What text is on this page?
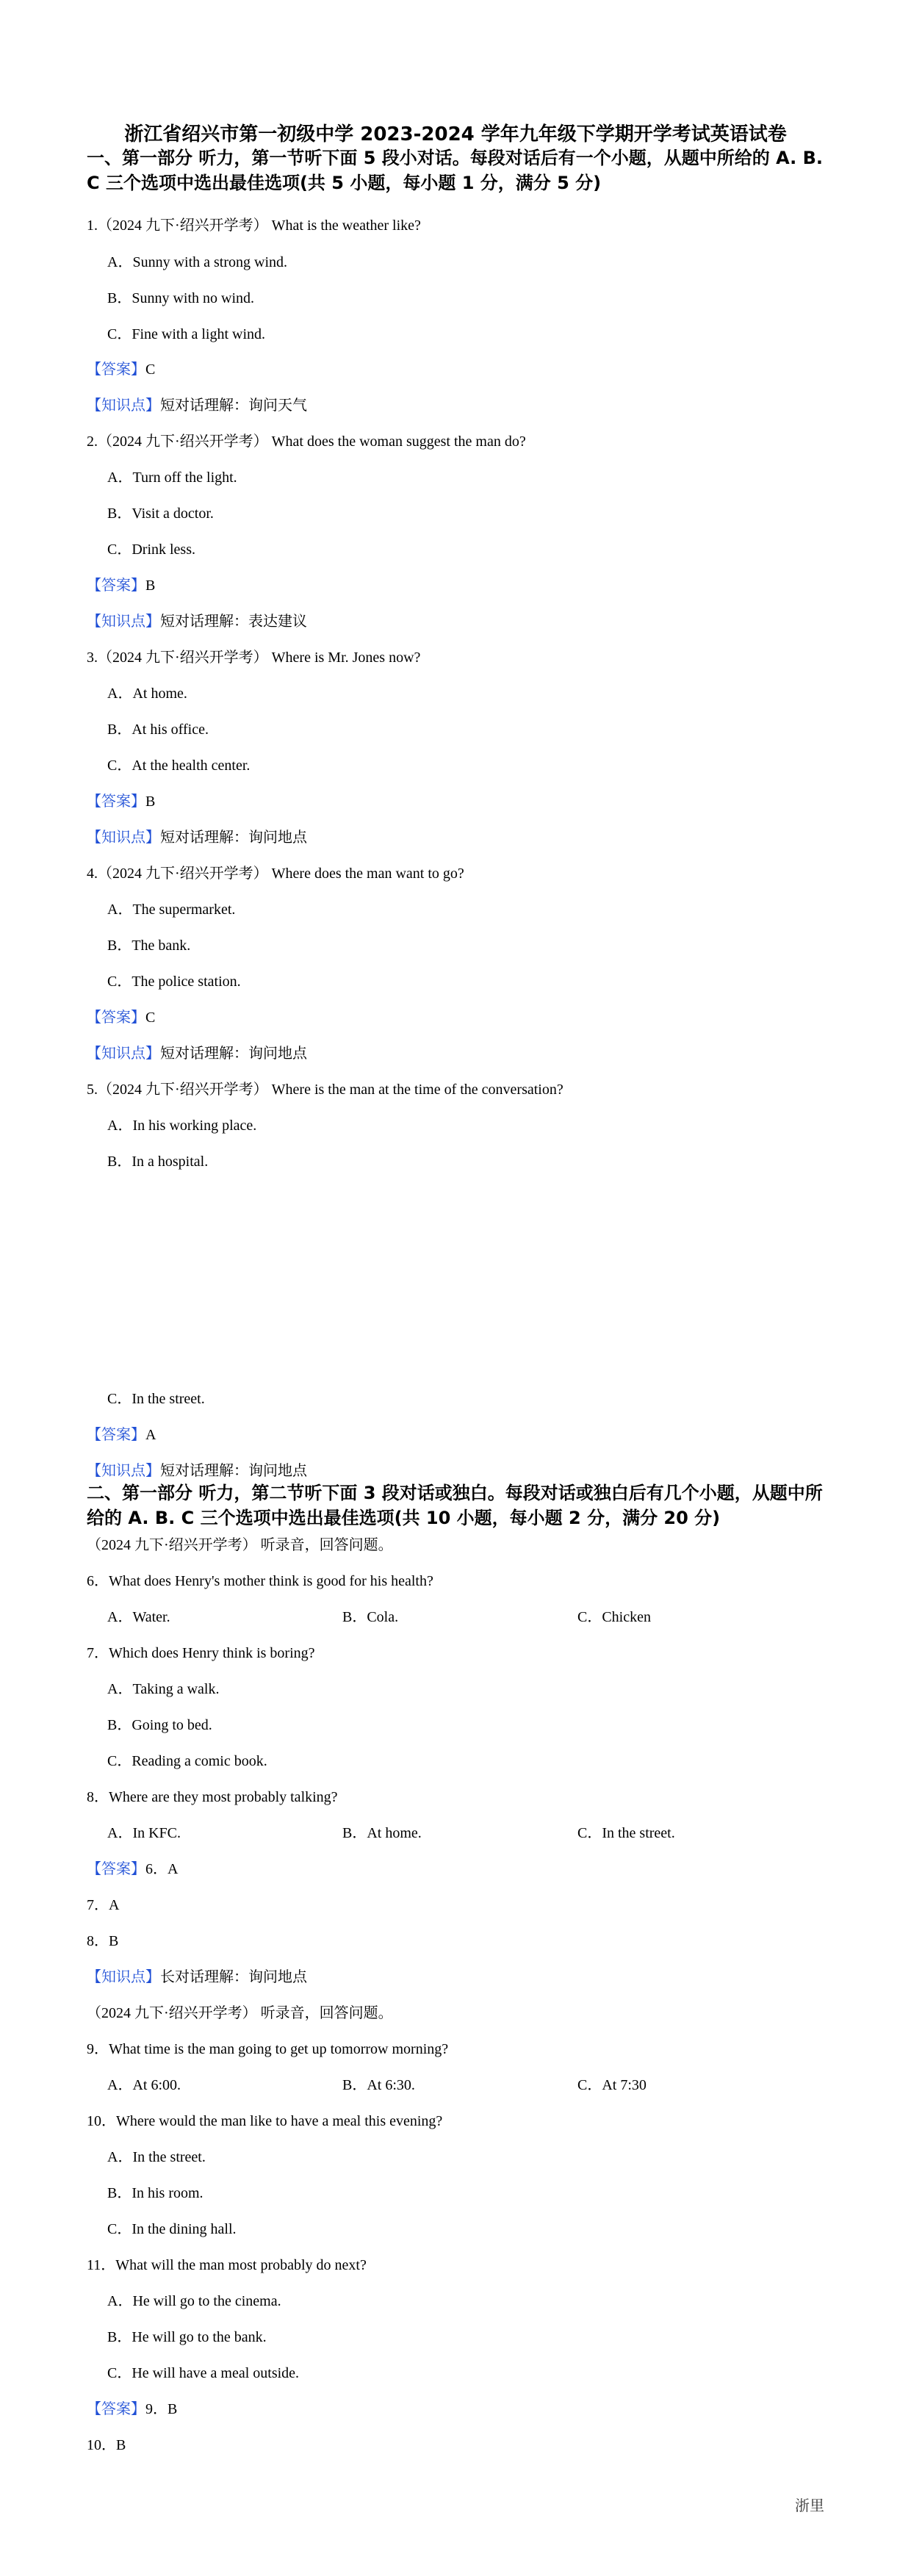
浙江省绍兴市第一初级中学 2023-2024 学年九年级下学期开学考试英语试卷
一、第一部分 听力，第一节听下面 5 段小对话。每段对话后有一个小题，从题中所给的 A. B. C 三个选项中选出最佳选项(共 5 小题，每小题 1 分，满分 5 分)
1.（2024 九下·绍兴开学考） What is the weather like?
A．Sunny with a strong wind.
B．Sunny with no wind.
C．Fine with a light wind.
【答案】C
【知识点】短对话理解：询问天气
2.（2024 九下·绍兴开学考） What does the woman suggest the man do?
A．Turn off the light.
B．Visit a doctor.
C．Drink less.
【答案】B
【知识点】短对话理解：表达建议
3.（2024 九下·绍兴开学考） Where is Mr. Jones now?
A．At home.
B．At his office.
C．At the health center.
【答案】B
【知识点】短对话理解：询问地点
4.（2024 九下·绍兴开学考） Where does the man want to go?
A．The supermarket.
B．The bank.
C．The police station.
【答案】C
【知识点】短对话理解：询问地点
5.（2024 九下·绍兴开学考） Where is the man at the time of the conversation?
A．In his working place.
B．In a hospital.
C．In the street.
【答案】A
【知识点】短对话理解：询问地点
二、第一部分 听力，第二节听下面 3 段对话或独白。每段对话或独白后有几个小题，从题中所给的 A. B. C 三个选项中选出最佳选项(共 10 小题，每小题 2 分，满分 20 分)
（2024 九下·绍兴开学考） 听录音，回答问题。
6．What does Henry's mother think is good for his health?
A．Water.	B．Cola.	C．Chicken
7．Which does Henry think is boring?
A．Taking a walk.
B．Going to bed.
C．Reading a comic book.
8．Where are they most probably talking?
A．In KFC.	B．At home.	C．In the street.
【答案】6．A
7．A
8．B
【知识点】长对话理解：询问地点
（2024 九下·绍兴开学考） 听录音，回答问题。
9．What time is the man going to get up tomorrow morning?
A．At 6:00.	B．At 6:30.	C．At 7:30
10．Where would the man like to have a meal this evening?
A．In the street.
B．In his room.
C．In the dining hall.
11．What will the man most probably do next?
A．He will go to the cinema.
B．He will go to the bank.
C．He will have a meal outside.
【答案】9．B
10．B
浙里
